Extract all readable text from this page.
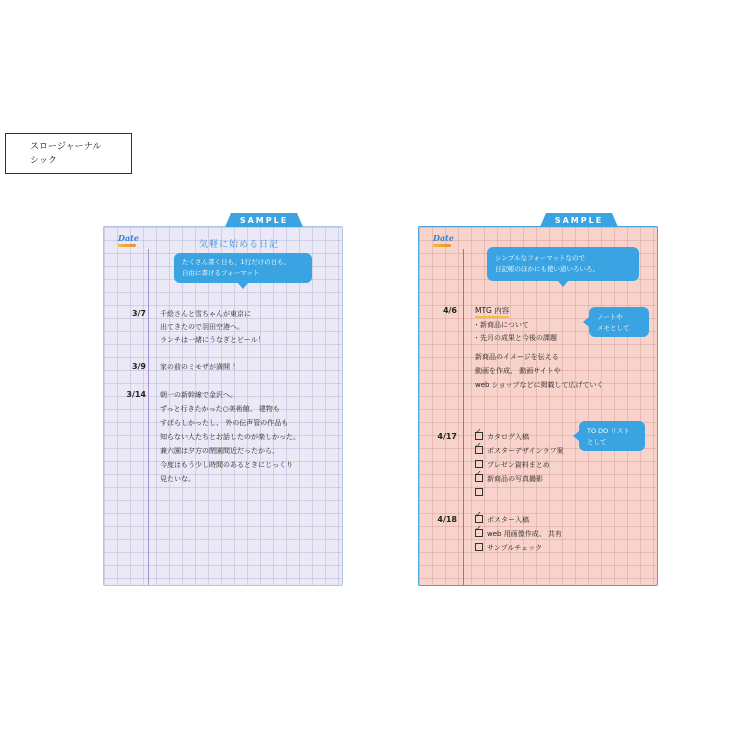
スロージャーナル
シック
SAMPLE
Date
気軽に始める日記
たくさん書く日も、1行だけの日も、
自由に書けるフォーマット
3/7 千絵さんと雪ちゃんが東京に
出てきたので羽田空港へ。
ランチは一緒にうなぎとビール！
3/9 家の前のミモザが満開 ！
3/14 朝一の新幹線で金沢へ。
ずっと行きたかった○美術館、 建物も
すばらしかったし、 外の伝声管の作品も
知らない人たちとお話したのが楽しかった。
兼六園は夕方の閉園間近だったから、
今度はもう少し時間のあるときにじっくり
見たいな。
SAMPLE
Date
シンプルなフォーマットなので
日記帳のほかにも使い道いろいろ。
4/6 MTG 内容
・新商品について
・先月の成果と今後の課題
新商品のイメージを伝える
動画を作成、 動画サイトや
web ショップなどに掲載して広げていく
ノートや
メモとして
TO DO リスト
として
4/17 ✓	カタログ入稿
✓ポスターデザインラフ案
プレゼン資料まとめ
✓新商品の写真撮影
4/18 ✓	ポスター入稿
✓web 用画像作成、 共有
サンプルチェック
